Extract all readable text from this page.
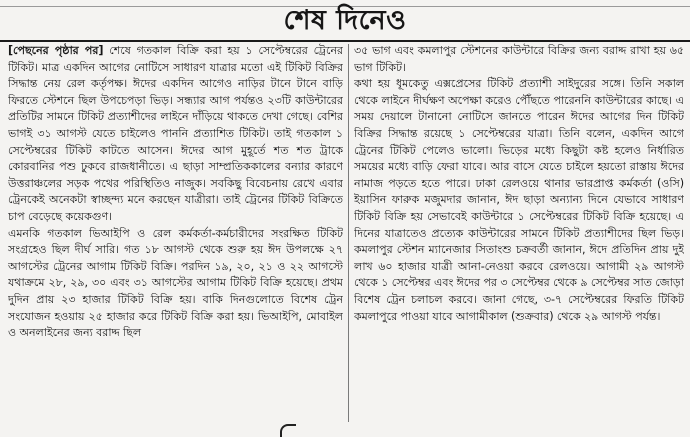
শেষ দিনেও
[পেছনের পৃষ্ঠার পর] শেষে গতকাল বিক্রি করা হয় ১ সেপ্টেম্বরের ট্রেনের টিকিট। মাত্র একদিন আগের নোটিসে সাধারণ যাত্রার মতো এই টিকিট বিক্রির সিদ্ধান্ত নেয় রেল কর্তৃপক্ষ। ঈদের একদিন আগেও নাড়ির টানে টানে বাড়ি ফিরতে স্টেশনে ছিল উপচেপড়া ভিড়। সন্ধ্যার আগ পর্যন্তও ২৩টি কাউন্টারের প্রতিটির সামনে টিকিট প্রত্যাশীদের লাইনে দাঁড়িয়ে থাকতে দেখা গেছে। বেশির ভাগই ৩১ আগস্ট যেতে চাইলেও পাননি প্রত্যাশিত টিকিট। তাই গতকাল ১ সেপ্টেম্বরের টিকিট কাটতে আসেন। ঈদের আগ মুহূর্তে শত শত ট্রাকে কোরবানির পশু ঢুকবে রাজধানীতে। এ ছাড়া সাম্প্রতিককালের বন্যার কারণে উত্তরাঞ্চলের সড়ক পথের পরিস্থিতিও নাজুক। সবকিছু বিবেচনায় রেখে এবার ট্রেনকেই অনেকটা স্বাচ্ছন্দ্য মনে করছেন যাত্রীরা। তাই ট্রেনের টিকিট বিক্রিতে চাপ বেড়েছে কয়েকগুণ।
এমনকি গতকাল ভিআইপি ও রেল কর্মকর্তা-কর্মচারীদের সংরক্ষিত টিকিট সংগ্রহেও ছিল দীর্ঘ সারি। গত ১৮ আগস্ট থেকে শুরু হয় ঈদ উপলক্ষে ২৭ আগস্টের ট্রেনের আগাম টিকিট বিক্রি। পরদিন ১৯, ২০, ২১ ও ২২ আগস্টে যথাক্রমে ২৮, ২৯, ৩০ এবং ৩১ আগস্টের আগাম টিকিট বিক্রি হয়েছে। প্রথম দুদিন প্রায় ২৩ হাজার টিকিট বিক্রি হয়। বাকি দিনগুলোতে বিশেষ ট্রেন সংযোজন হওয়ায় ২৫ হাজার করে টিকিট বিক্রি করা হয়। ভিআইপি, মোবাইল ও অনলাইনের জন্য বরাদ্দ ছিল
৩৫ ভাগ এবং কমলাপুর স্টেশনের কাউন্টারে বিক্রির জন্য বরাদ্দ রাখা হয় ৬৫ ভাগ টিকিট।
কথা হয় ধূমকেতু এক্সপ্রেসের টিকিট প্রত্যাশী সাইদুরের সঙ্গে। তিনি সকাল থেকে লাইনে দীর্ঘক্ষণ অপেক্ষা করেও পৌঁছতে পারেননি কাউন্টারের কাছে। এ সময় দেয়ালে টানানো নোটিসে জানতে পারেন ঈদের আগের দিন টিকিট বিক্রির সিদ্ধান্ত রয়েছে ১ সেপ্টেম্বরের যাত্রা। তিনি বলেন, একদিন আগে ট্রেনের টিকিট পেলেও ভালো। ভিড়ের মধ্যে কিছুটা কষ্ট হলেও নির্ধারিত সময়ের মধ্যে বাড়ি ফেরা যাবে। আর বাসে যেতে চাইলে হয়তো রাস্তায় ঈদের নামাজ পড়তে হতে পারে। ঢাকা রেলওয়ে থানার ভারপ্রাপ্ত কর্মকর্তা (ওসি) ইয়াসিন ফারুক মজুমদার জানান, ঈদ ছাড়া অন্যান্য দিনে যেভাবে সাধারণ টিকিট বিক্রি হয় সেভাবেই কাউন্টারে ১ সেপ্টেম্বরের টিকিট বিক্রি হয়েছে। এ দিনের যাত্রাতেও প্রত্যেক কাউন্টারের সামনে টিকিট প্রত্যাশীদের ছিল ভিড়। কমলাপুর স্টেশন ম্যানেজার সিতাংশু চক্রবর্তী জানান, ঈদে প্রতিদিন প্রায় দুই লাখ ৬০ হাজার যাত্রী আনা-নেওয়া করবে রেলওয়ে। আগামী ২৯ আগস্ট থেকে ১ সেপ্টেম্বর এবং ঈদের পর ৩ সেপ্টেম্বর থেকে ৯ সেপ্টেম্বর সাত জোড়া বিশেষ ট্রেন চলাচল করবে। জানা গেছে, ৩-৭ সেপ্টেম্বরের ফিরতি টিকিট কমলাপুরে পাওয়া যাবে আগামীকাল (শুক্রবার) থেকে ২৯ আগস্ট পর্যন্ত।
